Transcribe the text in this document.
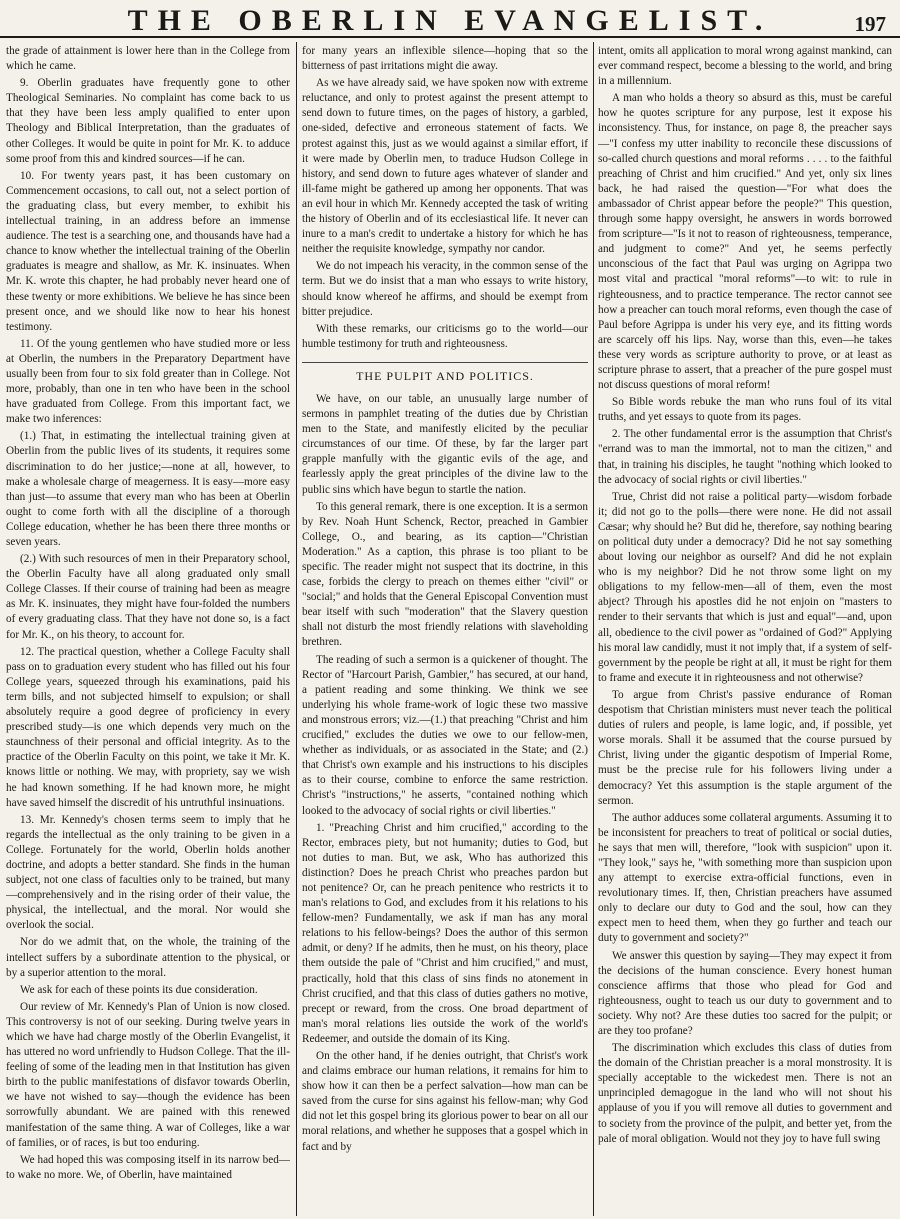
THE OBERLIN EVANGELIST.	197

the grade of attainment is lower here than in the College from which he came.

9. Oberlin graduates have frequently gone to other Theological Seminaries. No complaint has come back to us that they have been less amply qualified to enter upon Theology and Biblical Interpretation, than the graduates of other Colleges. It would be quite in point for Mr. K. to adduce some proof from this and kindred sources—if he can.

10. For twenty years past, it has been customary on Commencement occasions, to call out, not a select portion of the graduating class, but every member, to exhibit his intellectual training, in an address before an immense audience. The test is a searching one, and thousands have had a chance to know whether the intellectual training of the Oberlin graduates is meagre and shallow, as Mr. K. insinuates. When Mr. K. wrote this chapter, he had probably never heard one of these twenty or more exhibitions. We believe he has since been present once, and we should like now to hear his honest testimony.

11. Of the young gentlemen who have studied more or less at Oberlin, the numbers in the Preparatory Department have usually been from four to six fold greater than in College. Not more, probably, than one in ten who have been in the school have graduated from College. From this important fact, we make two inferences:

(1.) That, in estimating the intellectual training given at Oberlin from the public lives of its students, it requires some discrimination to do her justice;—none at all, however, to make a wholesale charge of meagerness. It is easy—more easy than just—to assume that every man who has been at Oberlin ought to come forth with all the discipline of a thorough College education, whether he has been there three months or seven years.

(2.) With such resources of men in their Preparatory school, the Oberlin Faculty have all along graduated only small College Classes. If their course of training had been as meagre as Mr. K. insinuates, they might have four-folded the numbers of every graduating class. That they have not done so, is a fact for Mr. K., on his theory, to account for.

12. The practical question, whether a College Faculty shall pass on to graduation every student who has filled out his four College years, squeezed through his examinations, paid his term bills, and not subjected himself to expulsion; or shall absolutely require a good degree of proficiency in every prescribed study—is one which depends very much on the staunchness of their personal and official integrity. As to the practice of the Oberlin Faculty on this point, we take it Mr. K. knows little or nothing. We may, with propriety, say we wish he had known something. If he had known more, he might have saved himself the discredit of his untruthful insinuations.

13. Mr. Kennedy's chosen terms seem to imply that he regards the intellectual as the only training to be given in a College. Fortunately for the world, Oberlin holds another doctrine, and adopts a better standard. She finds in the human subject, not one class of faculties only to be trained, but many—comprehensively and in the rising order of their value, the physical, the intellectual, and the moral. Nor would she overlook the social.

Nor do we admit that, on the whole, the training of the intellect suffers by a subordinate attention to the physical, or by a superior attention to the moral.

We ask for each of these points its due consideration.

Our review of Mr. Kennedy's Plan of Union is now closed. This controversy is not of our seeking. During twelve years in which we have had charge mostly of the Oberlin Evangelist, it has uttered no word unfriendly to Hudson College. That the ill-feeling of some of the leading men in that Institution has given birth to the public manifestations of disfavor towards Oberlin, we have not wished to say—though the evidence has been sorrowfully abundant. We are pained with this renewed manifestation of the same thing. A war of Colleges, like a war of families, or of races, is but too enduring.

We had hoped this was composing itself in its narrow bed—to wake no more. We, of Oberlin, have maintained

for many years an inflexible silence—hoping that so the bitterness of past irritations might die away.

As we have already said, we have spoken now with extreme reluctance, and only to protest against the present attempt to send down to future times, on the pages of history, a garbled, one-sided, defective and erroneous statement of facts. We protest against this, just as we would against a similar effort, if it were made by Oberlin men, to traduce Hudson College in history, and send down to future ages whatever of slander and ill-fame might be gathered up among her opponents. That was an evil hour in which Mr. Kennedy accepted the task of writing the history of Oberlin and of its ecclesiastical life. It never can inure to a man's credit to undertake a history for which he has neither the requisite knowledge, sympathy nor candor.

We do not impeach his veracity, in the common sense of the term. But we do insist that a man who essays to write history, should know whereof he affirms, and should be exempt from bitter prejudice.

With these remarks, our criticisms go to the world—our humble testimony for truth and righteousness.

THE PULPIT AND POLITICS.

We have, on our table, an unusually large number of sermons in pamphlet treating of the duties due by Christian men to the State, and manifestly elicited by the peculiar circumstances of our time. Of these, by far the larger part grapple manfully with the gigantic evils of the age, and fearlessly apply the great principles of the divine law to the public sins which have begun to startle the nation.

To this general remark, there is one exception. It is a sermon by Rev. Noah Hunt Schenck, Rector, preached in Gambier College, O., and bearing, as its caption—"Christian Moderation." As a caption, this phrase is too pliant to be specific. The reader might not suspect that its doctrine, in this case, forbids the clergy to preach on themes either "civil" or "social;" and holds that the General Episcopal Convention must bear itself with such "moderation" that the Slavery question shall not disturb the most friendly relations with slaveholding brethren.

The reading of such a sermon is a quickener of thought. The Rector of "Harcourt Parish, Gambier," has secured, at our hand, a patient reading and some thinking. We think we see underlying his whole frame-work of logic these two massive and monstrous errors; viz.—(1.) that preaching "Christ and him crucified," excludes the duties we owe to our fellow-men, whether as individuals, or as associated in the State; and (2.) that Christ's own example and his instructions to his disciples as to their course, combine to enforce the same restriction. Christ's "instructions," he asserts, "contained nothing which looked to the advocacy of social rights or civil liberties."

1. "Preaching Christ and him crucified," according to the Rector, embraces piety, but not humanity; duties to God, but not duties to man. But, we ask, Who has authorized this distinction? Does he preach Christ who preaches pardon but not penitence? Or, can he preach penitence who restricts it to man's relations to God, and excludes from it his relations to his fellow-men? Fundamentally, we ask if man has any moral relations to his fellow-beings? Does the author of this sermon admit, or deny? If he admits, then he must, on his theory, place them outside the pale of "Christ and him crucified," and must, practically, hold that this class of sins finds no atonement in Christ crucified, and that this class of duties gathers no motive, precept or reward, from the cross. One broad department of man's moral relations lies outside the work of the world's Redeemer, and outside the domain of its King.

On the other hand, if he denies outright, that Christ's work and claims embrace our human relations, it remains for him to show how it can then be a perfect salvation—how man can be saved from the curse for sins against his fellow-man; why God did not let this gospel bring its glorious power to bear on all our moral relations, and whether he supposes that a gospel which in fact and by

intent, omits all application to moral wrong against mankind, can ever command respect, become a blessing to the world, and bring in a millennium.

A man who holds a theory so absurd as this, must be careful how he quotes scripture for any purpose, lest it expose his inconsistency. Thus, for instance, on page 8, the preacher says—"I confess my utter inability to reconcile these discussions of so-called church questions and moral reforms . . . . to the faithful preaching of Christ and him crucified." And yet, only six lines back, he had raised the question—"For what does the ambassador of Christ appear before the people?" This question, through some happy oversight, he answers in words borrowed from scripture—"Is it not to reason of righteousness, temperance, and judgment to come?" And yet, he seems perfectly unconscious of the fact that Paul was urging on Agrippa two most vital and practical "moral reforms"—to wit: to rule in righteousness, and to practice temperance. The rector cannot see how a preacher can touch moral reforms, even though the case of Paul before Agrippa is under his very eye, and its fitting words are scarcely off his lips. Nay, worse than this, even—he takes these very words as scripture authority to prove, or at least as scripture phrase to assert, that a preacher of the pure gospel must not discuss questions of moral reform!

So Bible words rebuke the man who runs foul of its vital truths, and yet essays to quote from its pages.

2. The other fundamental error is the assumption that Christ's "errand was to man the immortal, not to man the citizen," and that, in training his disciples, he taught "nothing which looked to the advocacy of social rights or civil liberties."

True, Christ did not raise a political party—wisdom forbade it; did not go to the polls—there were none. He did not assail Cæsar; why should he? But did he, therefore, say nothing bearing on political duty under a democracy? Did he not say something about loving our neighbor as ourself? And did he not explain who is my neighbor? Did he not throw some light on my obligations to my fellow-men—all of them, even the most abject? Through his apostles did he not enjoin on "masters to render to their servants that which is just and equal"—and, upon all, obedience to the civil power as "ordained of God?" Applying his moral law candidly, must it not imply that, if a system of self-government by the people be right at all, it must be right for them to frame and execute it in righteousness and not otherwise?

To argue from Christ's passive endurance of Roman despotism that Christian ministers must never teach the political duties of rulers and people, is lame logic, and, if possible, yet worse morals. Shall it be assumed that the course pursued by Christ, living under the gigantic despotism of Imperial Rome, must be the precise rule for his followers living under a democracy? Yet this assumption is the staple argument of the sermon.

The author adduces some collateral arguments. Assuming it to be inconsistent for preachers to treat of political or social duties, he says that men will, therefore, "look with suspicion" upon it. "They look," says he, "with something more than suspicion upon any attempt to exercise extra-official functions, even in revolutionary times. If, then, Christian preachers have assumed only to declare our duty to God and the soul, how can they expect men to heed them, when they go further and teach our duty to government and society?"

We answer this question by saying—They may expect it from the decisions of the human conscience. Every honest human conscience affirms that those who plead for God and righteousness, ought to teach us our duty to government and to society. Why not? Are these duties too sacred for the pulpit; or are they too profane?

The discrimination which excludes this class of duties from the domain of the Christian preacher is a moral monstrosity. It is specially acceptable to the wickedest men. There is not an unprincipled demagogue in the land who will not shout his applause of you if you will remove all duties to government and to society from the province of the pulpit, and better yet, from the pale of moral obligation. Would not they joy to have full swing
